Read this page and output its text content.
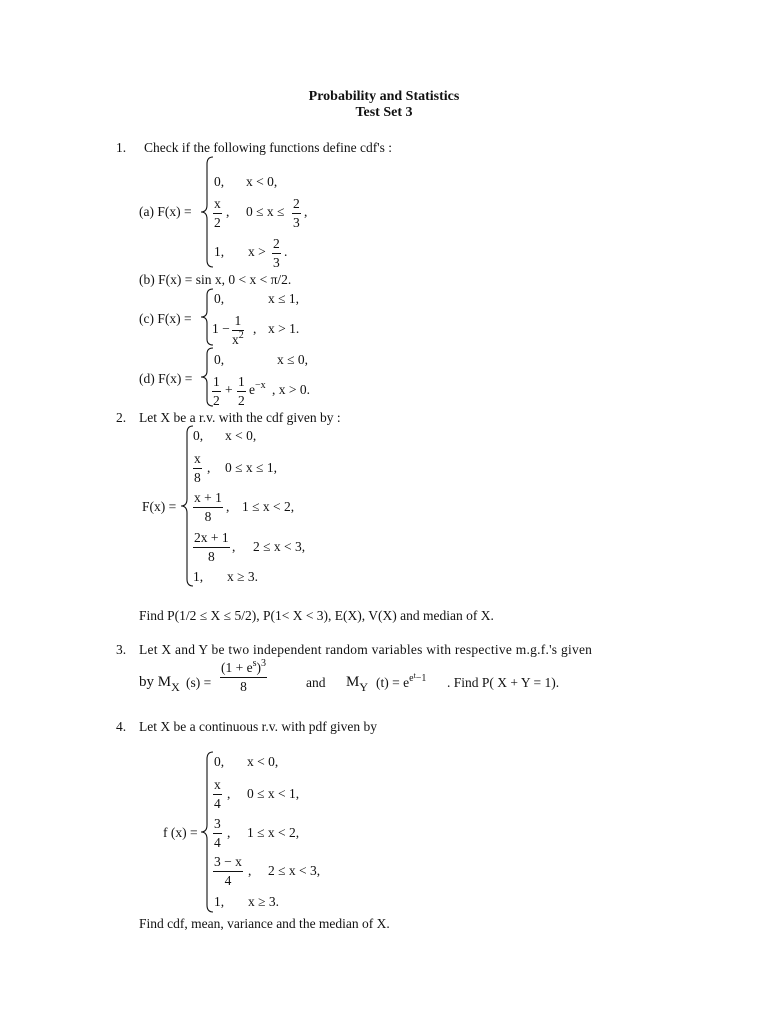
Probability and Statistics
Test Set 3
1. Check if the following functions define cdf's :
(a) F(x) =
0, x < 0,
$\frac{x}{2}$ , $0 \le x \le \frac{2}{3}$ ,
1, $x > \frac{2}{3}$ .
(b) F(x) = sin x, 0 < x < π/2.
(c) F(x) =
0,	x ≤ 1,
$1 - \frac{1}{x^2}$ , x > 1.
(d) F(x) =
0,	x ≤ 0,
$\frac{1}{2} + \frac{1}{2} e^{-x}$ , x > 0.
2. Let X be a r.v. with the cdf given by :
F(x) =
0, x < 0,
$\frac{x}{8}$ , 0 ≤ x ≤ 1,
$\frac{x + 1}{8}$ , 1 ≤ x < 2,
$\frac{2x + 1}{8}$ , 2 ≤ x < 3,
1, x ≥ 3.
Find P(1/2 ≤ X ≤ 5/2), P(1< X < 3), E(X), V(X) and median of X.
3. Let X and Y be two independent random variables with respective m.g.f.'s given
by $M_X$ $(s) = \frac{(1 + e^s)^3}{8}$	and $M_Y$ $(t) = e^{e^t-1}$ . Find P( X + Y = 1).
4. Let X be a continuous r.v. with pdf given by
f (x) =
0, x < 0,
$\frac{x}{4}$ , 0 ≤ x < 1,
$\frac{3}{4}$ , 1 ≤ x < 2,
$\frac{3 - x}{4}$ , 2 ≤ x < 3,
1, x ≥ 3.
Find cdf, mean, variance and the median of X.
